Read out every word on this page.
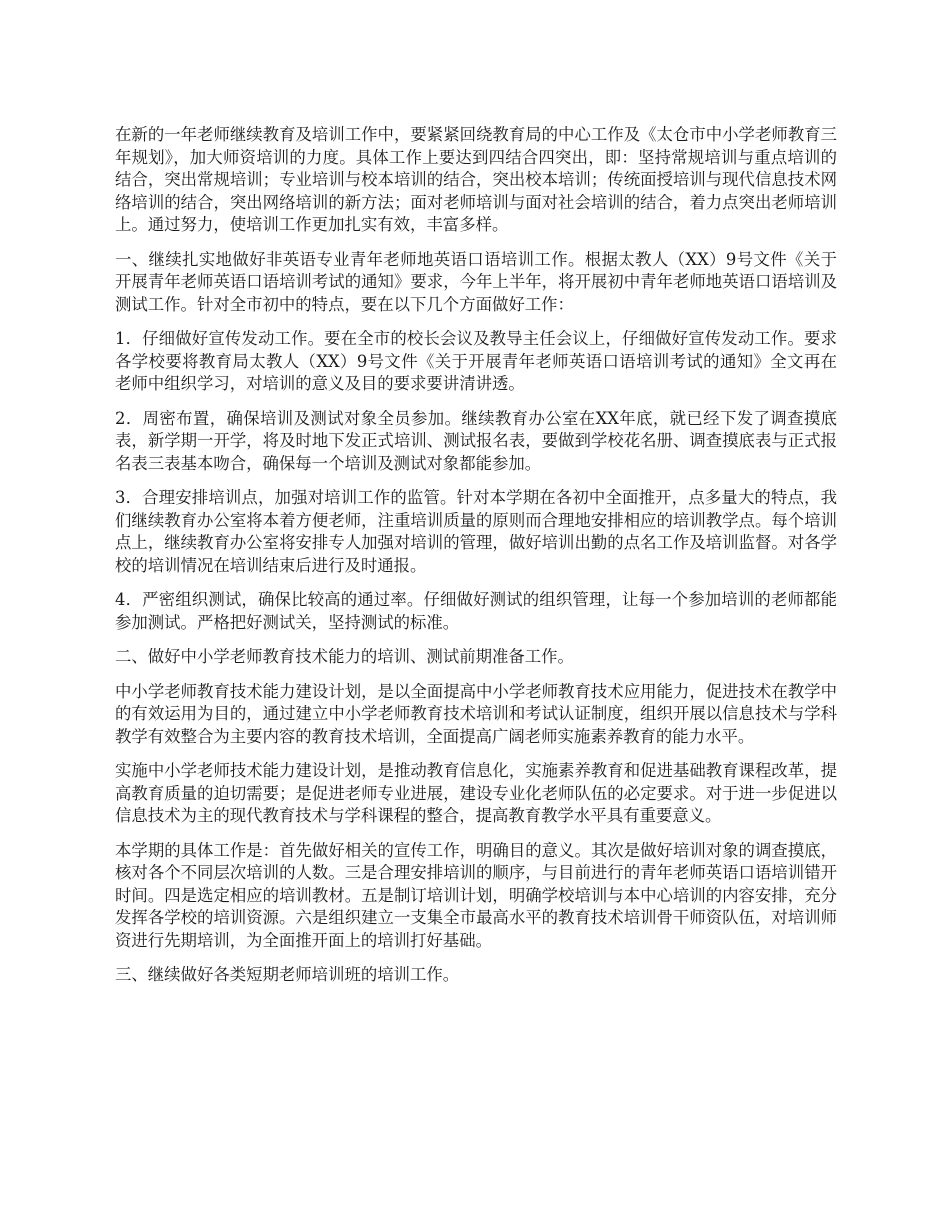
在新的一年老师继续教育及培训工作中，要紧紧回绕教育局的中心工作及《太仓市中小学老师教育三年规划》，加大师资培训的力度。具体工作上要达到四结合四突出，即：坚持常规培训与重点培训的结合，突出常规培训；专业培训与校本培训的结合，突出校本培训；传统面授培训与现代信息技术网络培训的结合，突出网络培训的新方法；面对老师培训与面对社会培训的结合，着力点突出老师培训上。通过努力，使培训工作更加扎实有效，丰富多样。

一、继续扎实地做好非英语专业青年老师地英语口语培训工作。根据太教人（XX）9号文件《关于开展青年老师英语口语培训考试的通知》要求，今年上半年，将开展初中青年老师地英语口语培训及测试工作。针对全市初中的特点，要在以下几个方面做好工作：

1．仔细做好宣传发动工作。要在全市的校长会议及教导主任会议上，仔细做好宣传发动工作。要求各学校要将教育局太教人（XX）9号文件《关于开展青年老师英语口语培训考试的通知》全文再在老师中组织学习，对培训的意义及目的要求要讲清讲透。

2．周密布置，确保培训及测试对象全员参加。继续教育办公室在XX年底，就已经下发了调查摸底表，新学期一开学，将及时地下发正式培训、测试报名表，要做到学校花名册、调查摸底表与正式报名表三表基本吻合，确保每一个培训及测试对象都能参加。

3．合理安排培训点，加强对培训工作的监管。针对本学期在各初中全面推开，点多量大的特点，我们继续教育办公室将本着方便老师，注重培训质量的原则而合理地安排相应的培训教学点。每个培训点上，继续教育办公室将安排专人加强对培训的管理，做好培训出勤的点名工作及培训监督。对各学校的培训情况在培训结束后进行及时通报。

4．严密组织测试，确保比较高的通过率。仔细做好测试的组织管理，让每一个参加培训的老师都能参加测试。严格把好测试关，坚持测试的标准。

二、做好中小学老师教育技术能力的培训、测试前期准备工作。

中小学老师教育技术能力建设计划，是以全面提高中小学老师教育技术应用能力，促进技术在教学中的有效运用为目的，通过建立中小学老师教育技术培训和考试认证制度，组织开展以信息技术与学科教学有效整合为主要内容的教育技术培训，全面提高广阔老师实施素养教育的能力水平。

实施中小学老师技术能力建设计划，是推动教育信息化，实施素养教育和促进基础教育课程改革，提高教育质量的迫切需要；是促进老师专业进展，建设专业化老师队伍的必定要求。对于进一步促进以信息技术为主的现代教育技术与学科课程的整合，提高教育教学水平具有重要意义。

本学期的具体工作是：首先做好相关的宣传工作，明确目的意义。其次是做好培训对象的调查摸底，核对各个不同层次培训的人数。三是合理安排培训的顺序，与目前进行的青年老师英语口语培训错开时间。四是选定相应的培训教材。五是制订培训计划，明确学校培训与本中心培训的内容安排，充分发挥各学校的培训资源。六是组织建立一支集全市最高水平的教育技术培训骨干师资队伍，对培训师资进行先期培训，为全面推开面上的培训打好基础。

三、继续做好各类短期老师培训班的培训工作。
